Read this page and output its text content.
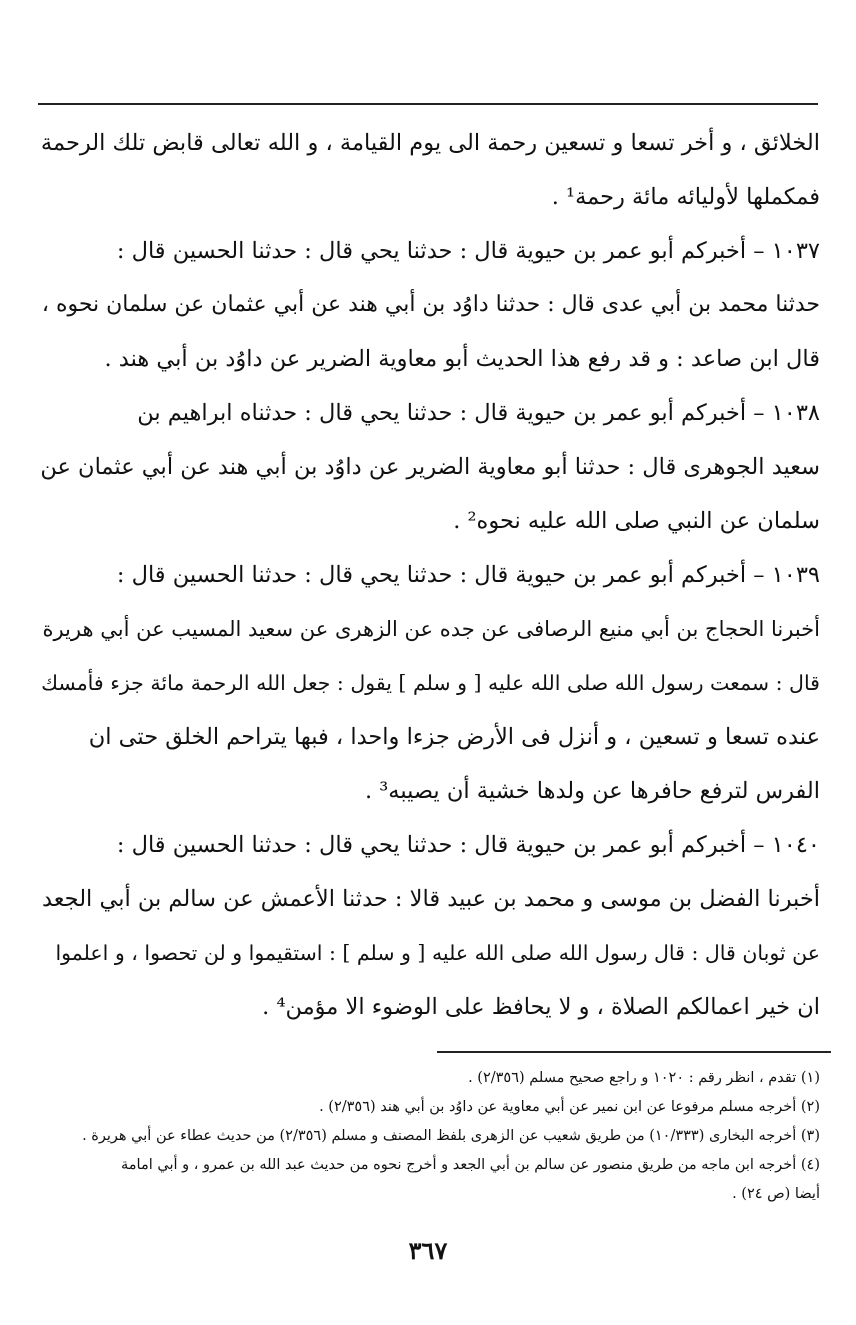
الخلائق ، و أخر تسعا و تسعين رحمة الى يوم القيامة ، و الله تعالى قابض تلك الرحمة
فمكملها لأوليائه مائة رحمة¹ .
١٠٣٧ – أخبركم أبو عمر بن حيوية قال : حدثنا يحي قال : حدثنا الحسين قال :
حدثنا محمد بن أبي عدى قال : حدثنا داوُد بن أبي هند عن أبي عثمان عن سلمان نحوه ،
قال ابن صاعد : و قد رفع هذا الحديث أبو معاوية الضرير عن داوُد بن أبي هند .
١٠٣٨ – أخبركم أبو عمر بن حيوية قال : حدثنا يحي قال : حدثناه ابراهيم بن
سعيد الجوهرى قال : حدثنا أبو معاوية الضرير عن داوُد بن أبي هند عن أبي عثمان عن
سلمان عن النبي صلى الله عليه نحوه² .
١٠٣٩ – أخبركم أبو عمر بن حيوية قال : حدثنا يحي قال : حدثنا الحسين قال :
أخبرنا الحجاج بن أبي منيع الرصافى عن جده عن الزهرى عن سعيد المسيب عن أبي هريرة
قال : سمعت رسول الله صلى الله عليه [ و سلم ] يقول : جعل الله الرحمة مائة جزء فأمسك
عنده تسعا و تسعين ، و أنزل فى الأرض جزءا واحدا ، فبها يتراحم الخلق حتى ان
الفرس لترفع حافرها عن ولدها خشية أن يصيبه³ .
١٠٤٠ – أخبركم أبو عمر بن حيوية قال : حدثنا يحي قال : حدثنا الحسين قال :
أخبرنا الفضل بن موسى و محمد بن عبيد قالا : حدثنا الأعمش عن سالم بن أبي الجعد
عن ثوبان قال : قال رسول الله صلى الله عليه [ و سلم ] : استقيموا و لن تحصوا ، و اعلموا
ان خير اعمالكم الصلاة ، و لا يحافظ على الوضوء الا مؤمن⁴ .
(١) تقدم ، انظر رقم : ١٠٢٠ و راجع صحيح مسلم (٢/٣٥٦) .
(٢) أخرجه مسلم مرفوعا عن ابن نمير عن أبي معاوية عن داوُد بن أبي هند (٢/٣٥٦) .
(٣) أخرجه البخارى (١٠/٣٣٣) من طريق شعيب عن الزهرى بلفظ المصنف و مسلم (٢/٣٥٦) من حديث عطاء عن أبي هريرة .
(٤) أخرجه ابن ماجه من طريق منصور عن سالم بن أبي الجعد و أخرج نحوه من حديث عبد الله بن عمرو ، و أبي امامة
أيضا (ص ٢٤) .
٣٦٧
